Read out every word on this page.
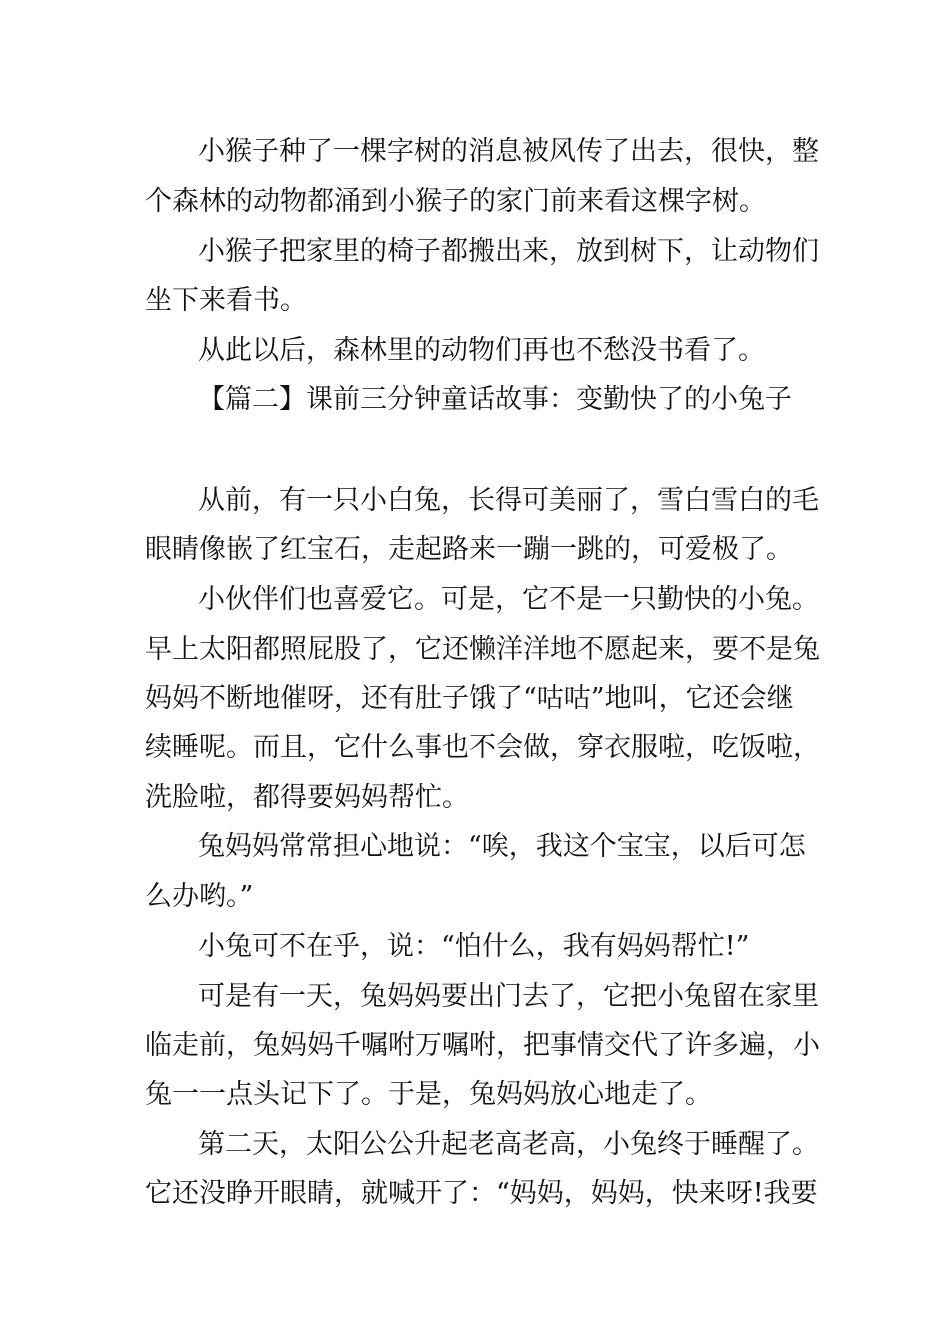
小猴子种了一棵字树的消息被风传了出去，很快，整
个森林的动物都涌到小猴子的家门前来看这棵字树。
小猴子把家里的椅子都搬出来，放到树下，让动物们
坐下来看书。
从此以后，森林里的动物们再也不愁没书看了。
【篇二】课前三分钟童话故事：变勤快了的小兔子
从前，有一只小白兔，长得可美丽了，雪白雪白的毛
眼睛像嵌了红宝石，走起路来一蹦一跳的，可爱极了。
小伙伴们也喜爱它。可是，它不是一只勤快的小兔。
早上太阳都照屁股了，它还懒洋洋地不愿起来，要不是兔
妈妈不断地催呀，还有肚子饿了“咕咕”地叫，它还会继
续睡呢。而且，它什么事也不会做，穿衣服啦，吃饭啦，
洗脸啦，都得要妈妈帮忙。
兔妈妈常常担心地说：“唉，我这个宝宝，以后可怎
么办哟。”
小兔可不在乎，说：“怕什么，我有妈妈帮忙!”
可是有一天，兔妈妈要出门去了，它把小兔留在家里
临走前，兔妈妈千嘱咐万嘱咐，把事情交代了许多遍，小
兔一一点头记下了。于是，兔妈妈放心地走了。
第二天，太阳公公升起老高老高，小兔终于睡醒了。
它还没睁开眼睛，就喊开了：“妈妈，妈妈，快来呀!我要
